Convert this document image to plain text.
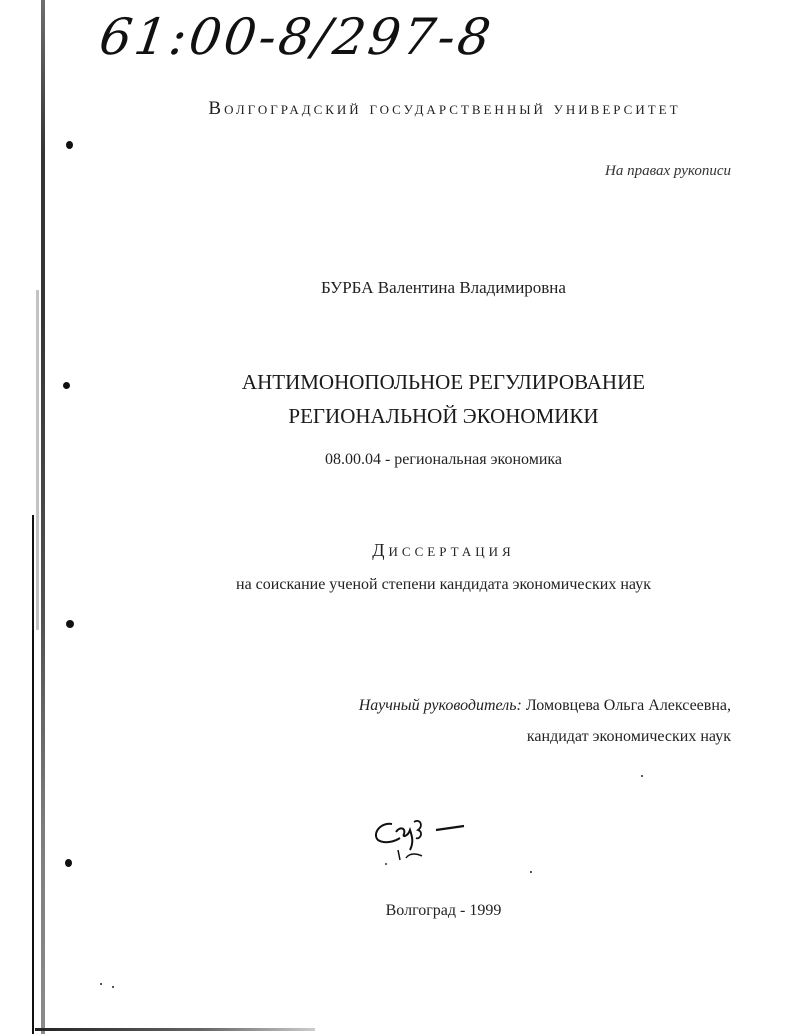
61:00-8/297-8
Волгоградский государственный университет
На правах рукописи
БУРБА Валентина Владимировна
АНТИМОНОПОЛЬНОЕ РЕГУЛИРОВАНИЕ
РЕГИОНАЛЬНОЙ ЭКОНОМИКИ
08.00.04 - региональная экономика
Диссертация
на соискание ученой степени кандидата экономических наук
Научный руководитель: Ломовцева Ольга Алексеевна,
кандидат экономических наук
Волгоград - 1999
